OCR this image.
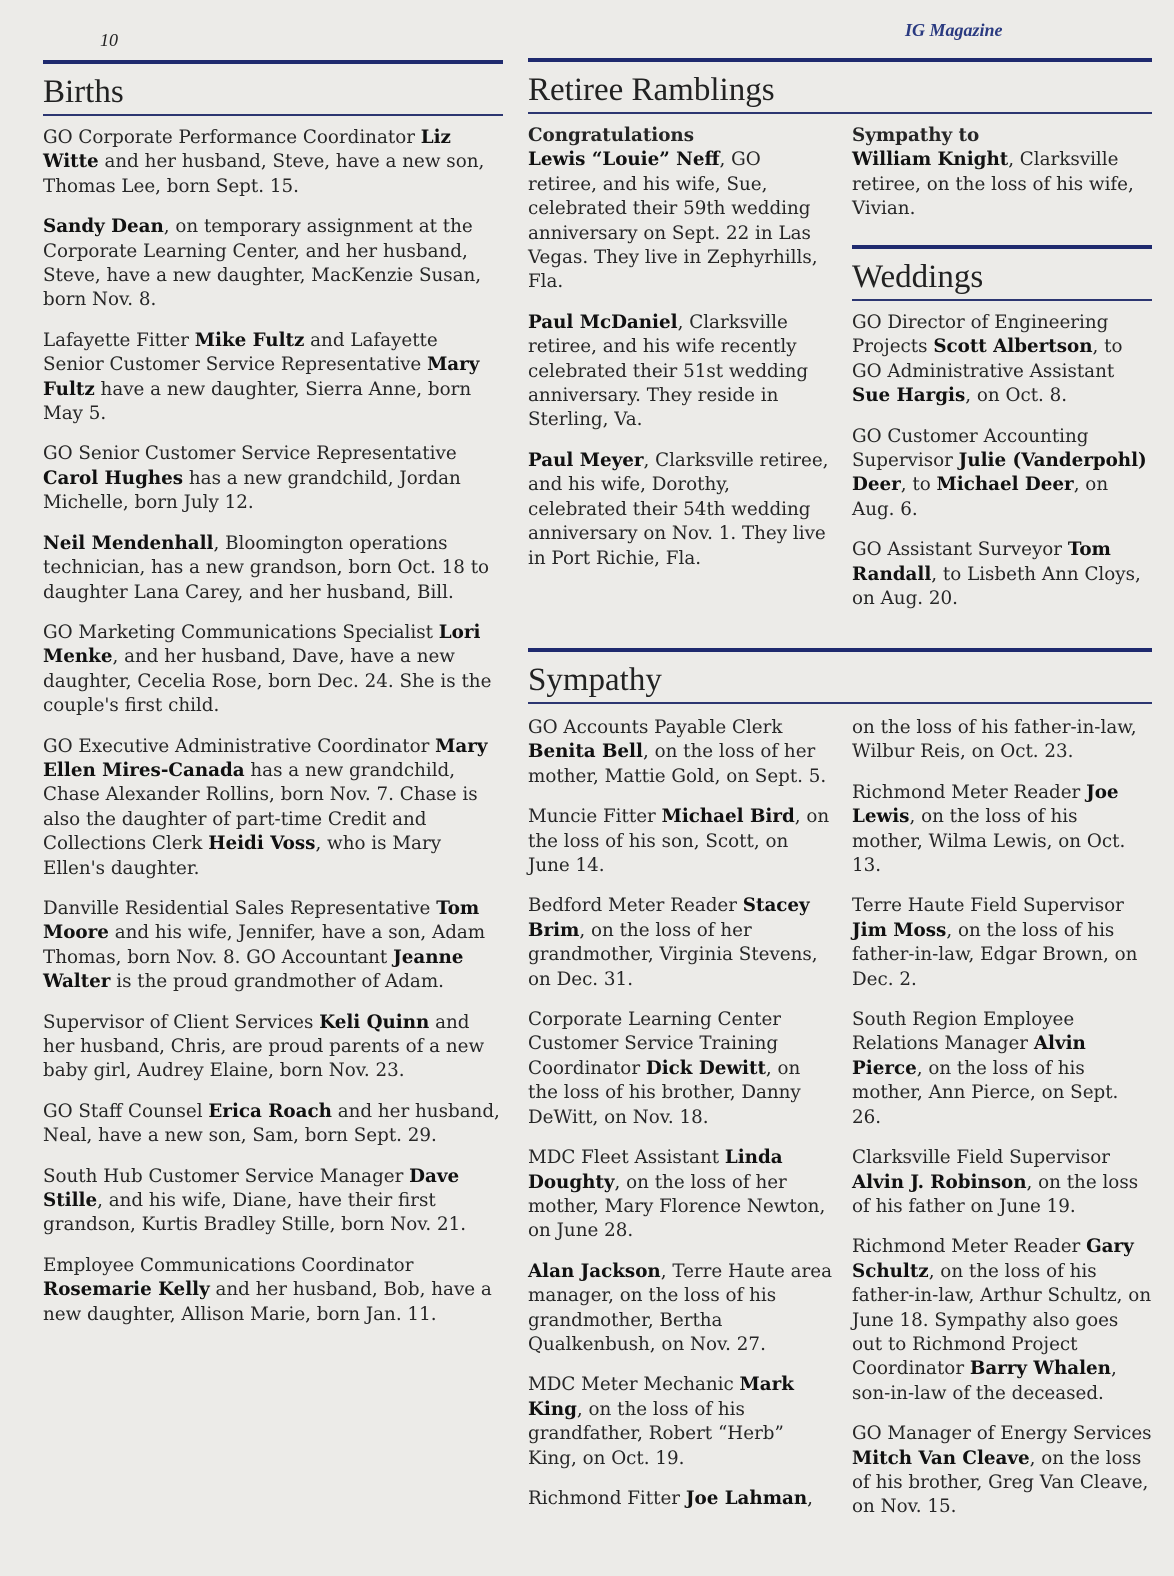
10	IG Magazine
Births

GO Corporate Performance Coordinator Liz Witte and her husband, Steve, have a new son, Thomas Lee, born Sept. 15.

Sandy Dean, on temporary assignment at the Corporate Learning Center, and her husband, Steve, have a new daughter, MacKenzie Susan, born Nov. 8.

Lafayette Fitter Mike Fultz and Lafayette Senior Customer Service Representative Mary Fultz have a new daughter, Sierra Anne, born May 5.

GO Senior Customer Service Representative Carol Hughes has a new grandchild, Jordan Michelle, born July 12.

Neil Mendenhall, Bloomington operations technician, has a new grandson, born Oct. 18 to daughter Lana Carey, and her husband, Bill.

GO Marketing Communications Specialist Lori Menke, and her husband, Dave, have a new daughter, Cecelia Rose, born Dec. 24. She is the couple's first child.

GO Executive Administrative Coordinator Mary Ellen Mires-Canada has a new grandchild, Chase Alexander Rollins, born Nov. 7. Chase is also the daughter of part-time Credit and Collections Clerk Heidi Voss, who is Mary Ellen's daughter.

Danville Residential Sales Representative Tom Moore and his wife, Jennifer, have a son, Adam Thomas, born Nov. 8. GO Accountant Jeanne Walter is the proud grandmother of Adam.

Supervisor of Client Services Keli Quinn and her husband, Chris, are proud parents of a new baby girl, Audrey Elaine, born Nov. 23.

GO Staff Counsel Erica Roach and her husband, Neal, have a new son, Sam, born Sept. 29.

South Hub Customer Service Manager Dave Stille, and his wife, Diane, have their first grandson, Kurtis Bradley Stille, born Nov. 21.

Employee Communications Coordinator Rosemarie Kelly and her husband, Bob, have a new daughter, Allison Marie, born Jan. 11.

Retiree Ramblings
Congratulations

Lewis “Louie” Neff, GO retiree, and his wife, Sue, celebrated their 59th wedding anniversary on Sept. 22 in Las Vegas. They live in Zephyrhills, Fla.

Paul McDaniel, Clarksville retiree, and his wife recently celebrated their 51st wedding anniversary. They reside in Sterling, Va.

Paul Meyer, Clarksville retiree, and his wife, Dorothy, celebrated their 54th wedding anniversary on Nov. 1. They live in Port Richie, Fla.

Sympathy to

William Knight, Clarksville retiree, on the loss of his wife, Vivian.

Weddings

GO Director of Engineering Projects Scott Albertson, to GO Administrative Assistant Sue Hargis, on Oct. 8.

GO Customer Accounting Supervisor Julie (Vanderpohl) Deer, to Michael Deer, on Aug. 6.

GO Assistant Surveyor Tom Randall, to Lisbeth Ann Cloys, on Aug. 20.

Sympathy

GO Accounts Payable Clerk Benita Bell, on the loss of her mother, Mattie Gold, on Sept. 5.

Muncie Fitter Michael Bird, on the loss of his son, Scott, on June 14.

Bedford Meter Reader Stacey Brim, on the loss of her grandmother, Virginia Stevens, on Dec. 31.

Corporate Learning Center Customer Service Training Coordinator Dick Dewitt, on the loss of his brother, Danny DeWitt, on Nov. 18.

MDC Fleet Assistant Linda Doughty, on the loss of her mother, Mary Florence Newton, on June 28.

Alan Jackson, Terre Haute area manager, on the loss of his grandmother, Bertha Qualkenbush, on Nov. 27.

MDC Meter Mechanic Mark King, on the loss of his grandfather, Robert “Herb” King, on Oct. 19.

Richmond Fitter Joe Lahman,

on the loss of his father-in-law, Wilbur Reis, on Oct. 23.

Richmond Meter Reader Joe Lewis, on the loss of his mother, Wilma Lewis, on Oct. 13.

Terre Haute Field Supervisor Jim Moss, on the loss of his father-in-law, Edgar Brown, on Dec. 2.

South Region Employee Relations Manager Alvin Pierce, on the loss of his mother, Ann Pierce, on Sept. 26.

Clarksville Field Supervisor Alvin J. Robinson, on the loss of his father on June 19.

Richmond Meter Reader Gary Schultz, on the loss of his father-in-law, Arthur Schultz, on June 18. Sympathy also goes out to Richmond Project Coordinator Barry Whalen, son-in-law of the deceased.

GO Manager of Energy Services Mitch Van Cleave, on the loss of his brother, Greg Van Cleave, on Nov. 15.
